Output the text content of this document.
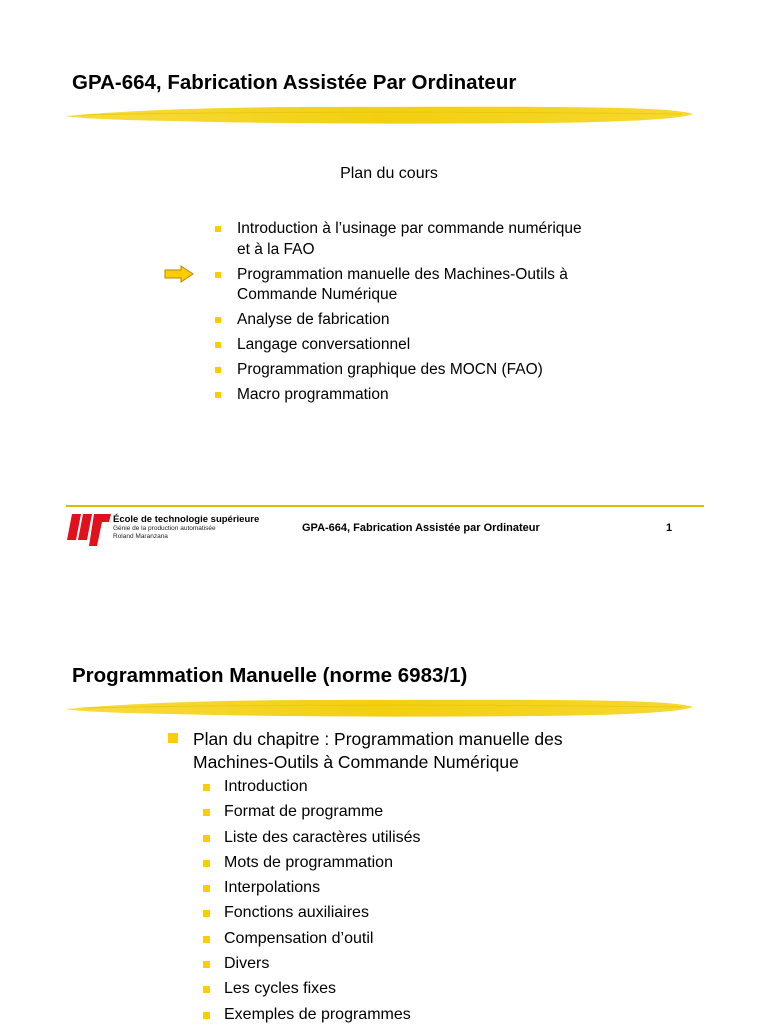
GPA-664, Fabrication Assistée Par Ordinateur
Plan du cours
Introduction à l’usinage par commande numérique et à la FAO
Programmation manuelle des Machines-Outils à Commande Numérique
Analyse de fabrication
Langage conversationnel
Programmation graphique des MOCN (FAO)
Macro programmation
École de technologie supérieure
Génie de la production automatisée
Roland Maranzana
GPA-664, Fabrication Assistée par Ordinateur	1
Programmation Manuelle (norme 6983/1)
Plan du chapitre : Programmation manuelle des Machines-Outils à Commande Numérique
Introduction
Format de programme
Liste des caractères utilisés
Mots de programmation
Interpolations
Fonctions auxiliaires
Compensation d’outil
Divers
Les cycles fixes
Exemples de programmes
